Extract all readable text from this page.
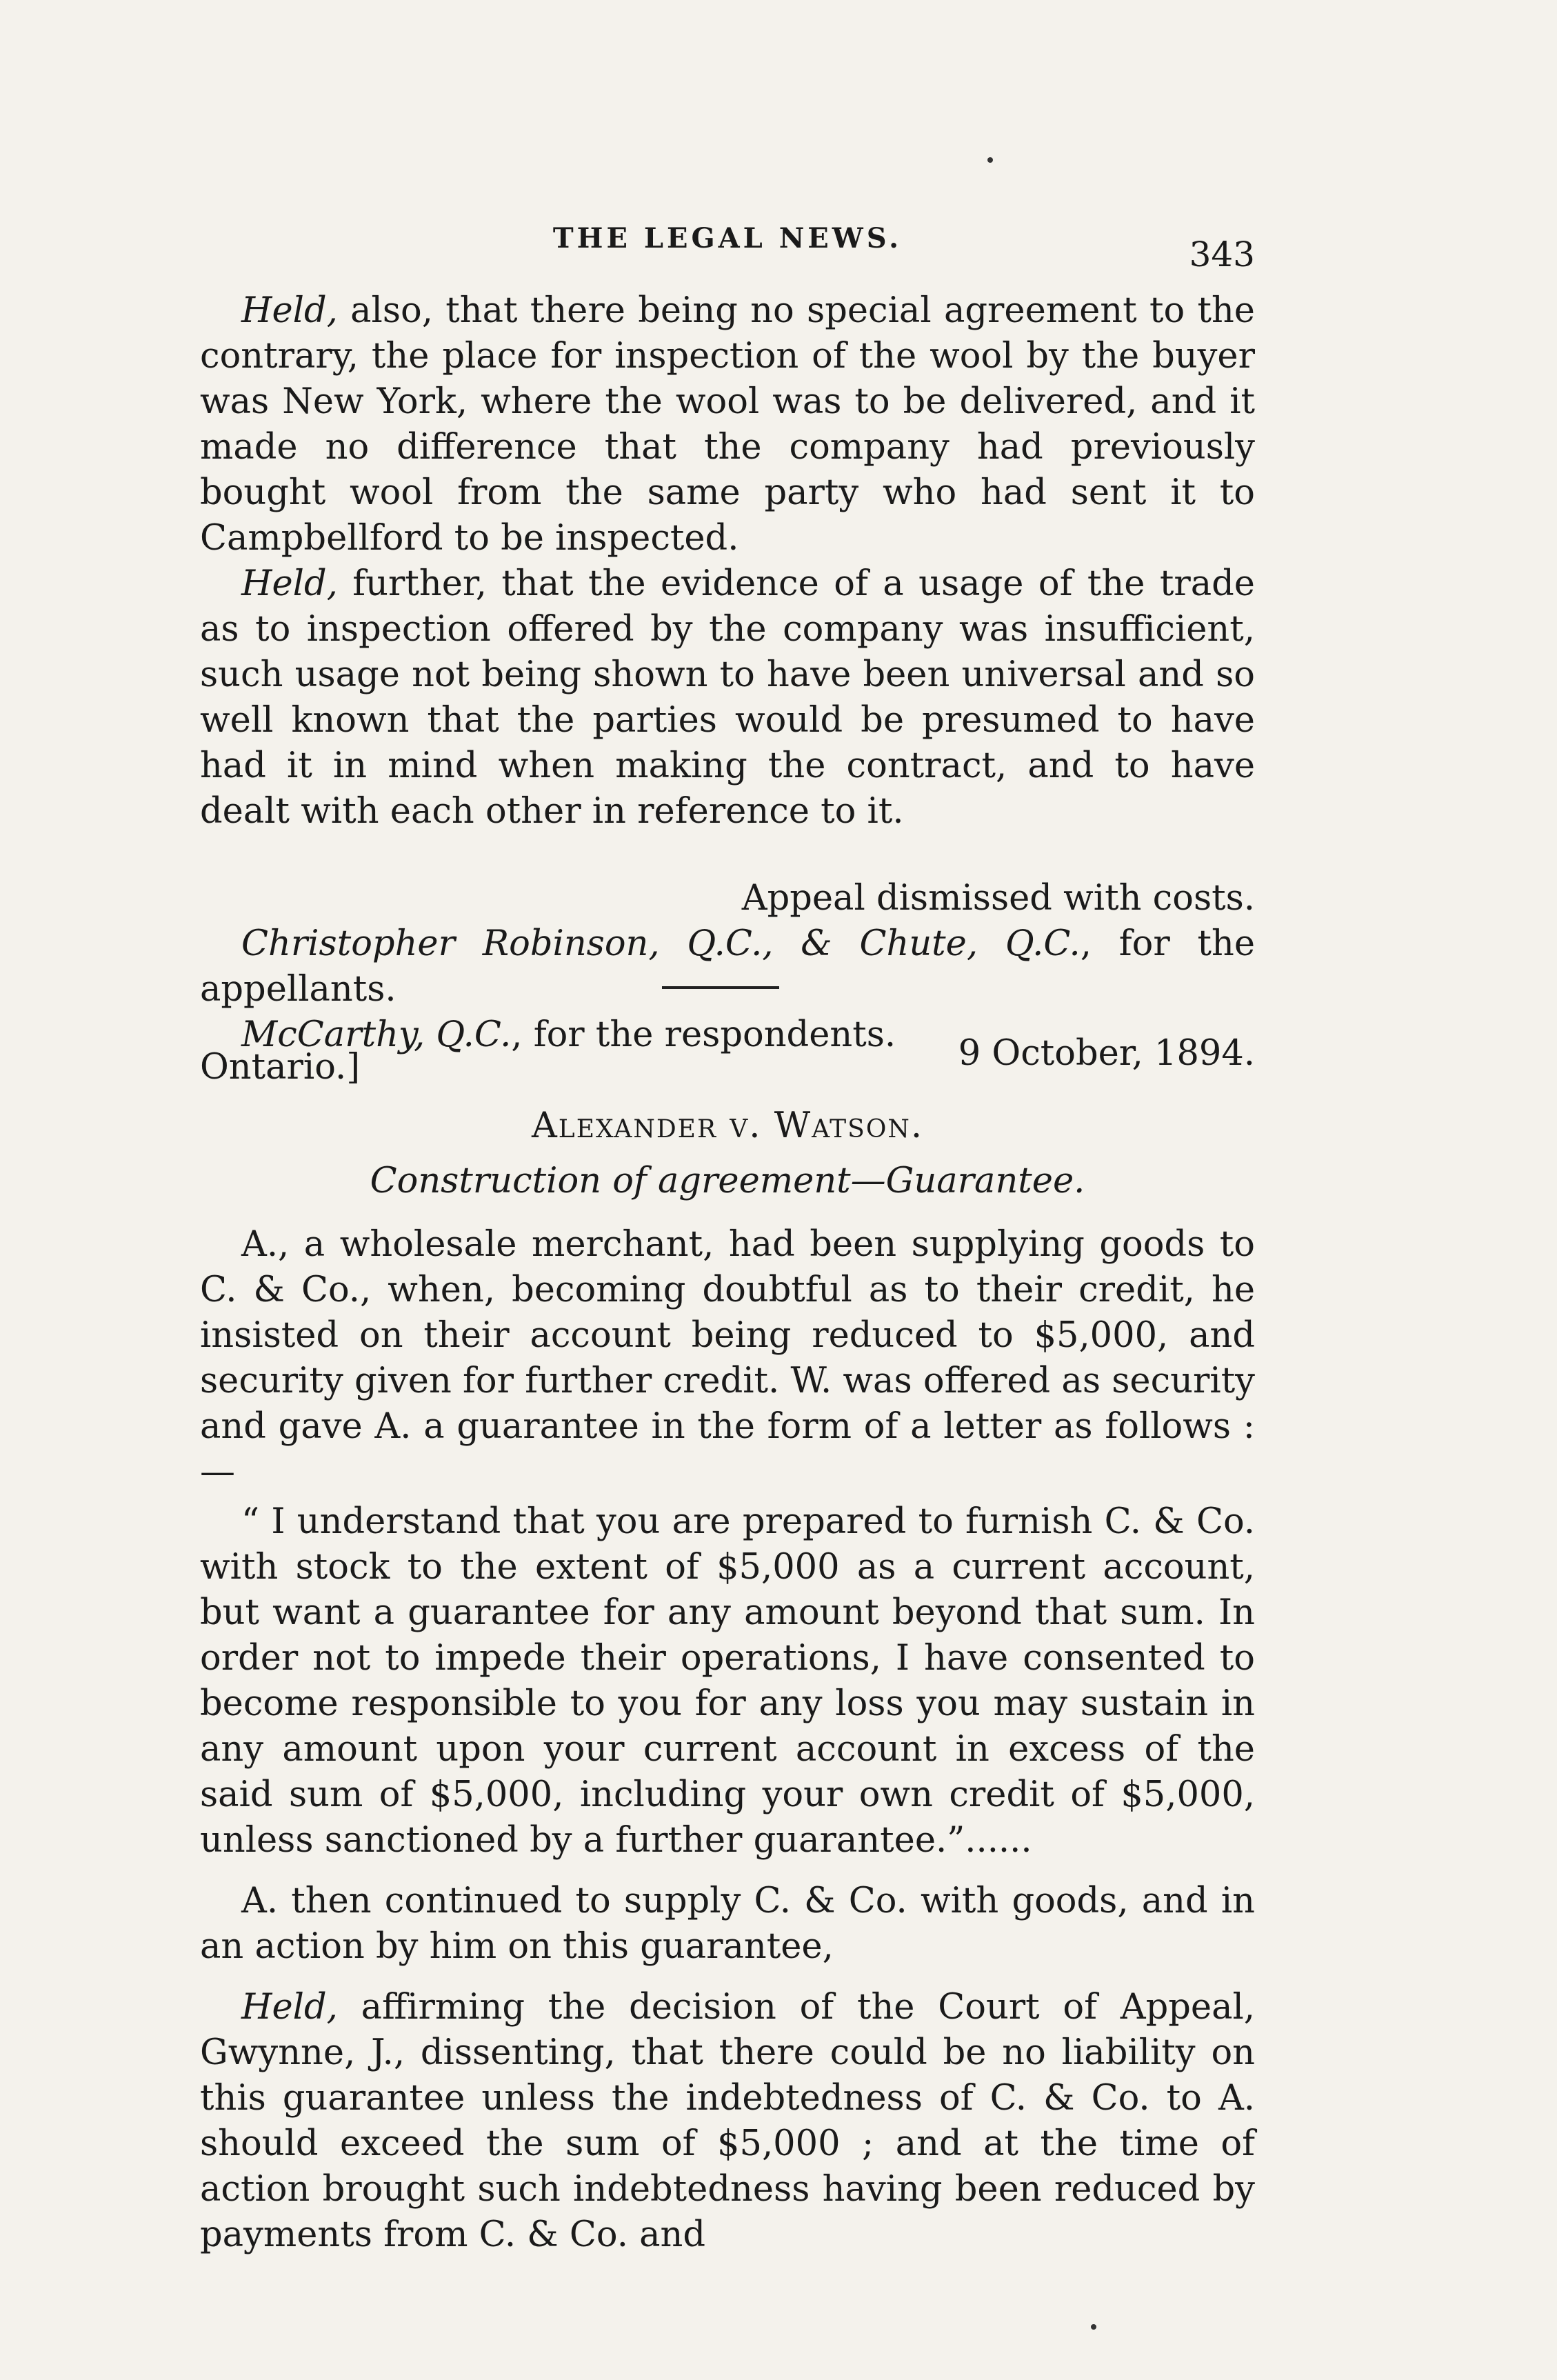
THE LEGAL NEWS.	343

Held, also, that there being no special agreement to the contrary, the place for inspection of the wool by the buyer was New York, where the wool was to be delivered, and it made no difference that the company had previously bought wool from the same party who had sent it to Campbellford to be inspected.

Held, further, that the evidence of a usage of the trade as to inspection offered by the company was insufficient, such usage not being shown to have been universal and so well known that the parties would be presumed to have had it in mind when making the contract, and to have dealt with each other in reference to it.

Appeal dismissed with costs.

Christopher Robinson, Q.C., & Chute, Q.C., for the appellants.

McCarthy, Q.C., for the respondents.

Ontario.]	9 October, 1894.

Alexander v. Watson.

Construction of agreement—Guarantee.

A., a wholesale merchant, had been supplying goods to C. & Co., when, becoming doubtful as to their credit, he insisted on their account being reduced to $5,000, and security given for further credit. W. was offered as security and gave A. a guarantee in the form of a letter as follows :—

“ I understand that you are prepared to furnish C. & Co. with stock to the extent of $5,000 as a current account, but want a guarantee for any amount beyond that sum. In order not to impede their operations, I have consented to become responsible to you for any loss you may sustain in any amount upon your current account in excess of the said sum of $5,000, including your own credit of $5,000, unless sanctioned by a further guarantee.”......

A. then continued to supply C. & Co. with goods, and in an action by him on this guarantee,

Held, affirming the decision of the Court of Appeal, Gwynne, J., dissenting, that there could be no liability on this guarantee unless the indebtedness of C. & Co. to A. should exceed the sum of $5,000 ; and at the time of action brought such indebtedness having been reduced by payments from C. & Co. and
